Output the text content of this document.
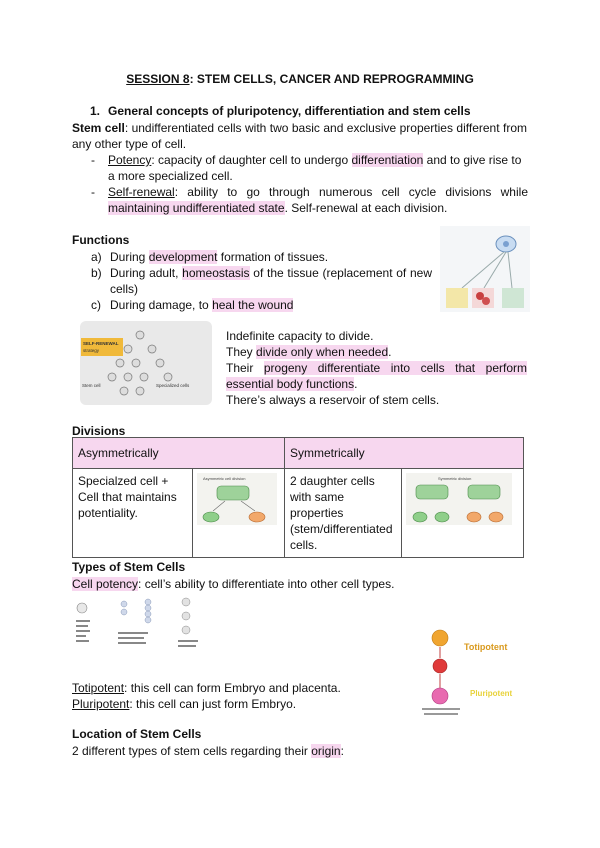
SESSION 8: STEM CELLS, CANCER AND REPROGRAMMING
1. General concepts of pluripotency, differentiation and stem cells
Stem cell: undifferentiated cells with two basic and exclusive properties different from any other type of cell.
- Potency: capacity of daughter cell to undergo differentiation and to give rise to a more specialized cell.
- Self-renewal: ability to go through numerous cell cycle divisions while maintaining undifferentiated state. Self-renewal at each division.
Functions
a) During development formation of tissues.
b) During adult, homeostasis of the tissue (replacement of new cells)
c) During damage, to heal the wound
SELF-RENEWAL
strategy
Stem cell	Specialized cells
Indefinite capacity to divide.
They divide only when needed.
Their progeny differentiate into cells that perform essential body functions.
There’s always a reservoir of stem cells.
Divisions
Asymmetrically		Symmetrically	
Specialzed cell + Cell that maintains potentiality.	Asymmetric cell division	2 daughter cells with same properties (stem/differentiated cells.	Symmetric division
Types of Stem Cells
Cell potency: cell’s ability to differentiate into other cell types.
Totipotent: this cell can form Embryo and placenta.
Pluripotent: this cell can just form Embryo.
Totipotent
Pluripotent
Location of Stem Cells
2 different types of stem cells regarding their origin:
